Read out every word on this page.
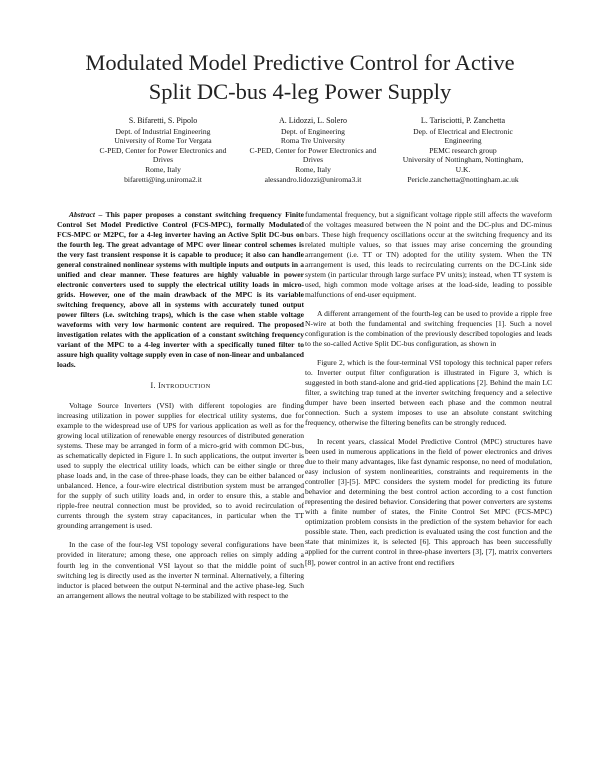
Modulated Model Predictive Control for Active
Split DC-bus 4-leg Power Supply
S. Bifaretti, S. Pipolo
Dept. of Industrial Engineering
University of Rome Tor Vergata
C-PED, Center for Power Electronics and
Drives
Rome, Italy
bifaretti@ing.uniroma2.it
A. Lidozzi, L. Solero
Dept. of Engineering
Roma Tre University
C-PED, Center for Power Electronics and
Drives
Rome, Italy
alessandro.lidozzi@uniroma3.it
L. Tarisciotti, P. Zanchetta
Dep. of Electrical and Electronic
Engineering
PEMC research group
University of Nottingham, Nottingham,
U.K.
Pericle.zanchetta@nottingham.ac.uk

Abstract – This paper proposes a constant switching frequency Finite Control Set Model Predictive Control (FCS-MPC), formally Modulated FCS-MPC or M2PC, for a 4-leg inverter having an Active Split DC-bus on the fourth leg. The great advantage of MPC over linear control schemes is the very fast transient response it is capable to produce; it also can handle general constrained nonlinear systems with multiple inputs and outputs in a unified and clear manner. These features are highly valuable in power electronic converters used to supply the electrical utility loads in micro-grids. However, one of the main drawback of the MPC is its variable switching frequency, above all in systems with accurately tuned output power filters (i.e. switching traps), which is the case when stable voltage waveforms with very low harmonic content are required. The proposed investigation relates with the application of a constant switching frequency variant of the MPC to a 4-leg inverter with a specifically tuned filter to assure high quality voltage supply even in case of non-linear and unbalanced loads.

I. INTRODUCTION

Voltage Source Inverters (VSI) with different topologies are finding increasing utilization in power supplies for electrical utility systems, due for example to the widespread use of UPS for various application as well as for the growing local utilization of renewable energy resources of distributed generation systems. These may be arranged in form of a micro-grid with common DC-bus, as schematically depicted in Figure 1. In such applications, the output inverter is used to supply the electrical utility loads, which can be either single or three phase loads and, in the case of three-phase loads, they can be either balanced or unbalanced. Hence, a four-wire electrical distribution system must be arranged for the supply of such utility loads and, in order to ensure this, a stable and ripple-free neutral connection must be provided, so to avoid recirculation of currents through the system stray capacitances, in particular when the TT grounding arrangement is used.

In the case of the four-leg VSI topology several configurations have been provided in literature; among these, one approach relies on simply adding a fourth leg in the conventional VSI layout so that the middle point of such switching leg is directly used as the inverter N terminal. Alternatively, a filtering inductor is placed between the output N-terminal and the active phase-leg. Such an arrangement allows the neutral voltage to be stabilized with respect to the

fundamental frequency, but a significant voltage ripple still affects the waveform of the voltages measured between the N point and the DC-plus and DC-minus bars. These high frequency oscillations occur at the switching frequency and its related multiple values, so that issues may arise concerning the grounding arrangement (i.e. TT or TN) adopted for the utility system. When the TN arrangement is used, this leads to recirculating currents on the DC-Link side system (in particular through large surface PV units); instead, when TT system is used, high common mode voltage arises at the load-side, leading to possible malfunctions of end-user equipment.

A different arrangement of the fourth-leg can be used to provide a ripple free N-wire at both the fundamental and switching frequencies [1]. Such a novel configuration is the combination of the previously described topologies and leads to the so-called Active Split DC-bus configuration, as shown in

Figure 2, which is the four-terminal VSI topology this technical paper refers to. Inverter output filter configuration is illustrated in Figure 3, which is suggested in both stand-alone and grid-tied applications [2]. Behind the main LC filter, a switching trap tuned at the inverter switching frequency and a selective dumper have been inserted between each phase and the common neutral connection. Such a system imposes to use an absolute constant switching frequency, otherwise the filtering benefits can be strongly reduced.

In recent years, classical Model Predictive Control (MPC) structures have been used in numerous applications in the field of power electronics and drives due to their many advantages, like fast dynamic response, no need of modulation, easy inclusion of system nonlinearities, constraints and requirements in the controller [3]-[5]. MPC considers the system model for predicting its future behavior and determining the best control action according to a cost function representing the desired behavior. Considering that power converters are systems with a finite number of states, the Finite Control Set MPC (FCS-MPC) optimization problem consists in the prediction of the system behavior for each possible state. Then, each prediction is evaluated using the cost function and the state that minimizes it, is selected [6]. This approach has been successfully applied for the current control in three-phase inverters [3], [7], matrix converters [8], power control in an active front end rectifiers
